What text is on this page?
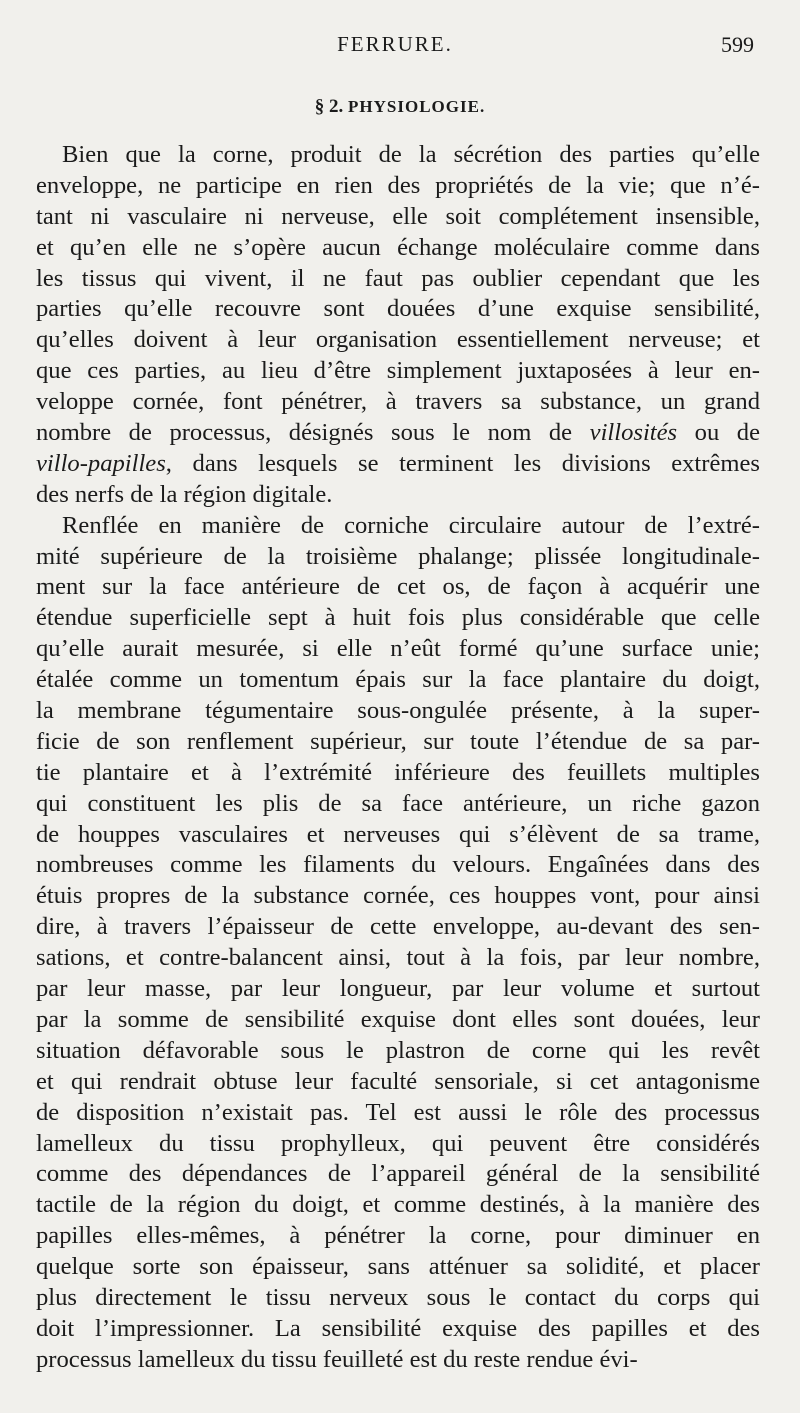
FERRURE.	599
§ 2. PHYSIOLOGIE.
Bien que la corne, produit de la sécrétion des parties qu’elle
enveloppe, ne participe en rien des propriétés de la vie; que n’é-
tant ni vasculaire ni nerveuse, elle soit complétement insensible,
et qu’en elle ne s’opère aucun échange moléculaire comme dans
les tissus qui vivent, il ne faut pas oublier cependant que les
parties qu’elle recouvre sont douées d’une exquise sensibilité,
qu’elles doivent à leur organisation essentiellement nerveuse; et
que ces parties, au lieu d’être simplement juxtaposées à leur en-
veloppe cornée, font pénétrer, à travers sa substance, un grand
nombre de processus, désignés sous le nom de villosités ou de
villo-papilles, dans lesquels se terminent les divisions extrêmes
des nerfs de la région digitale.
Renflée en manière de corniche circulaire autour de l’extré-
mité supérieure de la troisième phalange; plissée longitudinale-
ment sur la face antérieure de cet os, de façon à acquérir une
étendue superficielle sept à huit fois plus considérable que celle
qu’elle aurait mesurée, si elle n’eût formé qu’une surface unie;
étalée comme un tomentum épais sur la face plantaire du doigt,
la membrane tégumentaire sous-ongulée présente, à la super-
ficie de son renflement supérieur, sur toute l’étendue de sa par-
tie plantaire et à l’extrémité inférieure des feuillets multiples
qui constituent les plis de sa face antérieure, un riche gazon
de houppes vasculaires et nerveuses qui s’élèvent de sa trame,
nombreuses comme les filaments du velours. Engaînées dans des
étuis propres de la substance cornée, ces houppes vont, pour ainsi
dire, à travers l’épaisseur de cette enveloppe, au-devant des sen-
sations, et contre-balancent ainsi, tout à la fois, par leur nombre,
par leur masse, par leur longueur, par leur volume et surtout
par la somme de sensibilité exquise dont elles sont douées, leur
situation défavorable sous le plastron de corne qui les revêt
et qui rendrait obtuse leur faculté sensoriale, si cet antagonisme
de disposition n’existait pas. Tel est aussi le rôle des processus
lamelleux du tissu prophylleux, qui peuvent être considérés
comme des dépendances de l’appareil général de la sensibilité
tactile de la région du doigt, et comme destinés, à la manière des
papilles elles-mêmes, à pénétrer la corne, pour diminuer en
quelque sorte son épaisseur, sans atténuer sa solidité, et placer
plus directement le tissu nerveux sous le contact du corps qui
doit l’impressionner. La sensibilité exquise des papilles et des
processus lamelleux du tissu feuilleté est du reste rendue évi-
